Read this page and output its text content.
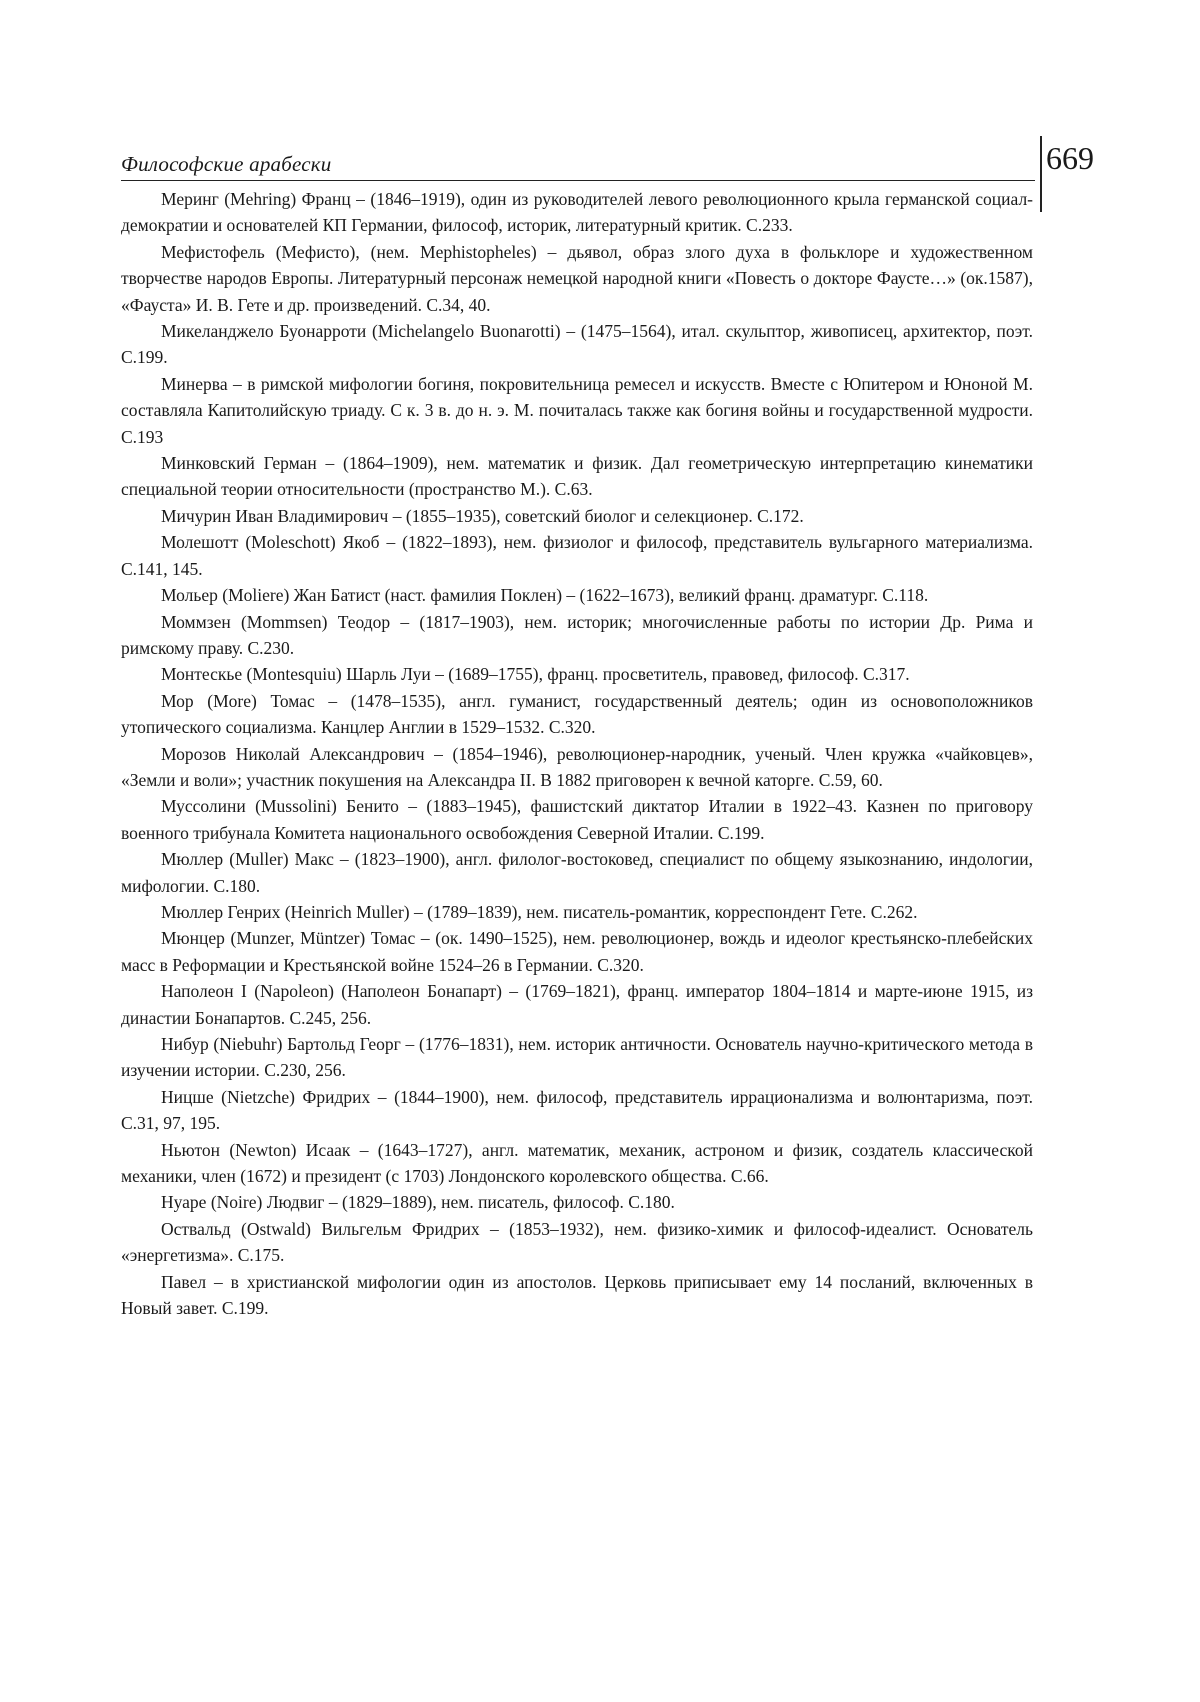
Философские арабески	669

Меринг (Mehring) Франц – (1846–1919), один из руководителей левого революционного крыла германской социал-демократии и основателей КП Германии, философ, историк, литературный критик. С.233.

Мефистофель (Мефисто), (нем. Mephistopheles) – дьявол, образ злого духа в фольклоре и художественном творчестве народов Европы. Литературный персонаж немецкой народной книги «Повесть о докторе Фаусте…» (ок.1587), «Фауста» И. В. Гете и др. произведений. С.34, 40.

Микеланджело Буонарроти (Michelangelo Buonarotti) – (1475–1564), итал. скульптор, живописец, архитектор, поэт. С.199.

Минерва – в римской мифологии богиня, покровительница ремесел и искусств. Вместе с Юпитером и Юноной М. составляла Капитолийскую триаду. С к. 3 в. до н. э. М. почиталась также как богиня войны и государственной мудрости. С.193

Минковский Герман – (1864–1909), нем. математик и физик. Дал геометрическую интерпретацию кинематики специальной теории относительности (пространство М.). С.63.

Мичурин Иван Владимирович – (1855–1935), советский биолог и селекционер. С.172.

Молешотт (Moleschott) Якоб – (1822–1893), нем. физиолог и философ, представитель вульгарного материализма. С.141, 145.

Мольер (Moliere) Жан Батист (наст. фамилия Поклен) – (1622–1673), великий франц. драматург. С.118.

Моммзен (Mommsen) Теодор – (1817–1903), нем. историк; многочисленные работы по истории Др. Рима и римскому праву. С.230.

Монтескье (Montesquiu) Шарль Луи – (1689–1755), франц. просветитель, правовед, философ. С.317.

Мор (More) Томас – (1478–1535), англ. гуманист, государственный деятель; один из основоположников утопического социализма. Канцлер Англии в 1529–1532. С.320.

Морозов Николай Александрович – (1854–1946), революционер-народник, ученый. Член кружка «чайковцев», «Земли и воли»; участник покушения на Александра II. В 1882 приговорен к вечной каторге. С.59, 60.

Муссолини (Mussolini) Бенито – (1883–1945), фашистский диктатор Италии в 1922–43. Казнен по приговору военного трибунала Комитета национального освобождения Северной Италии. С.199.

Мюллер (Muller) Макс – (1823–1900), англ. филолог-востоковед, специалист по общему языкознанию, индологии, мифологии. С.180.

Мюллер Генрих (Heinrich Muller) – (1789–1839), нем. писатель-романтик, корреспондент Гете. С.262.

Мюнцер (Munzer, Müntzer) Томас – (ок. 1490–1525), нем. революционер, вождь и идеолог крестьянско-плебейских масс в Реформации и Крестьянской войне 1524–26 в Германии. С.320.

Наполеон I (Napoleon) (Наполеон Бонапарт) – (1769–1821), франц. император 1804–1814 и марте-июне 1915, из династии Бонапартов. С.245, 256.

Нибур (Niebuhr) Бартольд Георг – (1776–1831), нем. историк античности. Основатель научно-критического метода в изучении истории. С.230, 256.

Ницше (Nietzche) Фридрих – (1844–1900), нем. философ, представитель иррационализма и волюнтаризма, поэт. С.31, 97, 195.

Ньютон (Newton) Исаак – (1643–1727), англ. математик, механик, астроном и физик, создатель классической механики, член (1672) и президент (с 1703) Лондонского королевского общества. С.66.

Нуаре (Noire) Людвиг – (1829–1889), нем. писатель, философ. С.180.

Оствальд (Ostwald) Вильгельм Фридрих – (1853–1932), нем. физико-химик и философ-идеалист. Основатель «энергетизма». С.175.

Павел – в христианской мифологии один из апостолов. Церковь приписывает ему 14 посланий, включенных в Новый завет. С.199.
